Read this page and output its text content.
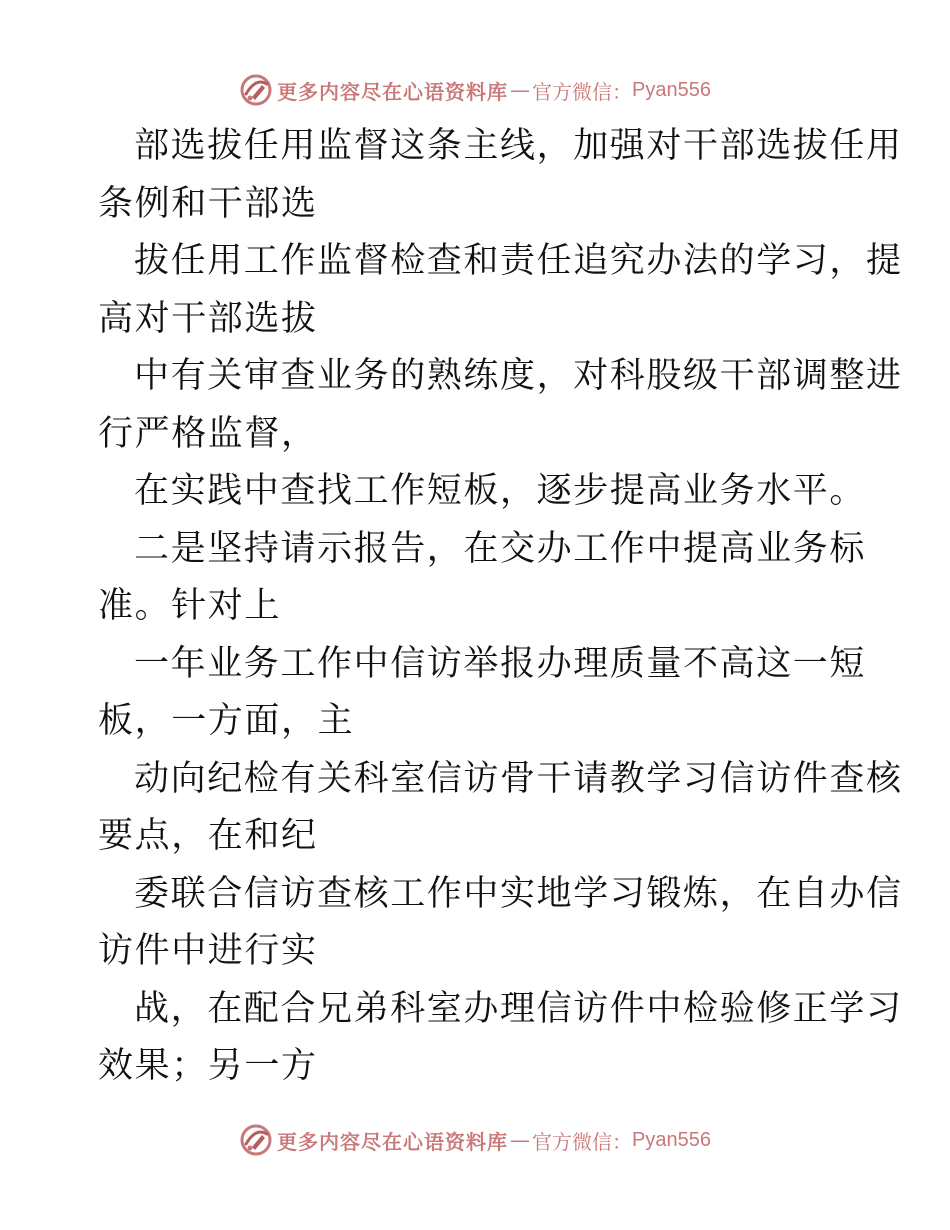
更多内容尽在心语资料库 — 官方微信： Pyan556
部选拔任用监督这条主线，加强对干部选拔任用
条例和干部选
拔任用工作监督检查和责任追究办法的学习，提
高对干部选拔
中有关审查业务的熟练度，对科股级干部调整进
行严格监督，
在实践中查找工作短板，逐步提高业务水平。
二是坚持请示报告，在交办工作中提高业务标
准。针对上
一年业务工作中信访举报办理质量不高这一短
板，一方面，主
动向纪检有关科室信访骨干请教学习信访件查核
要点，在和纪
委联合信访查核工作中实地学习锻炼，在自办信
访件中进行实
战，在配合兄弟科室办理信访件中检验修正学习
效果；另一方
更多内容尽在心语资料库 — 官方微信： Pyan556
